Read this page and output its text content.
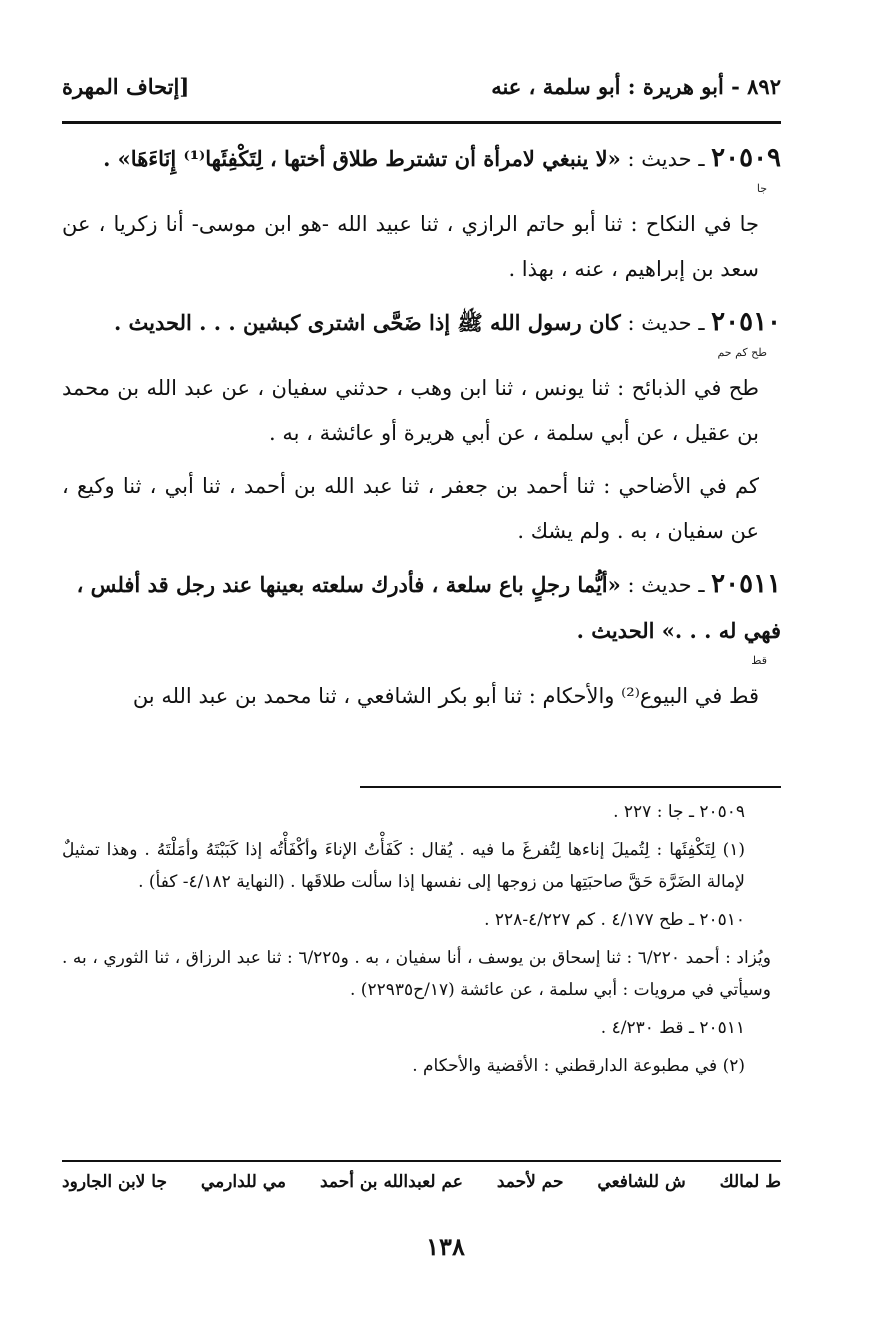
٨٩٢ - أبو هريرة : أبو سلمة ، عنه
[إتحاف المهرة
٢٠٥٠٩ ـ حديث : «لا ينبغي لامرأة أن تشترط طلاق أختها ، لِتَكْفِئَها⁽¹⁾ إِنَاءَهَا» .
جا

جا في النكاح : ثنا أبو حاتم الرازي ، ثنا عبيد الله -هو ابن موسى- أنا زكريا ، عن سعد بن إبراهيم ، عنه ، بهذا .

٢٠٥١٠ ـ حديث : كان رسول الله ﷺ إذا ضَحَّى اشترى كبشين . . . الحديث .
طح كم حم

طح في الذبائح : ثنا يونس ، ثنا ابن وهب ، حدثني سفيان ، عن عبد الله بن محمد بن عقيل ، عن أبي سلمة ، عن أبي هريرة أو عائشة ، به .

كم في الأضاحي : ثنا أحمد بن جعفر ، ثنا عبد الله بن أحمد ، ثنا أبي ، ثنا وكيع ، عن سفيان ، به . ولم يشك .

٢٠٥١١ ـ حديث : «أيُّما رجلٍ باع سلعة ، فأدرك سلعته بعينها عند رجل قد أفلس ، فهي له . . .» الحديث .
قط

قط في البيوع⁽²⁾ والأحكام : ثنا أبو بكر الشافعي ، ثنا محمد بن عبد الله بن

٢٠٥٠٩ ـ جا : ٢٢٧ .

(١) لِتَكْفِئَها : لِتُميلَ إناءها لِتُفرغَ ما فيه . يُقال : كَفَأْتُ الإناءَ وأكْفَأْتُه إذا كَبَبْتَهُ وأمَلْتَهُ . وهذا تمثيلٌ لإمالة الضَرَّة حَقَّ صاحبَتِها من زوجها إلى نفسها إذا سألت طلاقَها . (النهاية ٤/١٨٢- كفأ) .

٢٠٥١٠ ـ طح ٤/١٧٧ . كم ٤/٢٢٧-٢٢٨ .

ويُزاد : أحمد ٦/٢٢٠ : ثنا إسحاق بن يوسف ، أنا سفيان ، به . و٦/٢٢٥ : ثنا عبد الرزاق ، ثنا الثوري ، به . وسيأتي في مرويات : أبي سلمة ، عن عائشة (١٧/ح٢٢٩٣٥) .

٢٠٥١١ ـ قط ٤/٢٣٠ .

(٢) في مطبوعة الدارقطني : الأقضية والأحكام .

ط لمالك
ش للشافعي
حم لأحمد
عم لعبدالله بن أحمد
مي للدارمي
جا لابن الجارود
١٣٨
